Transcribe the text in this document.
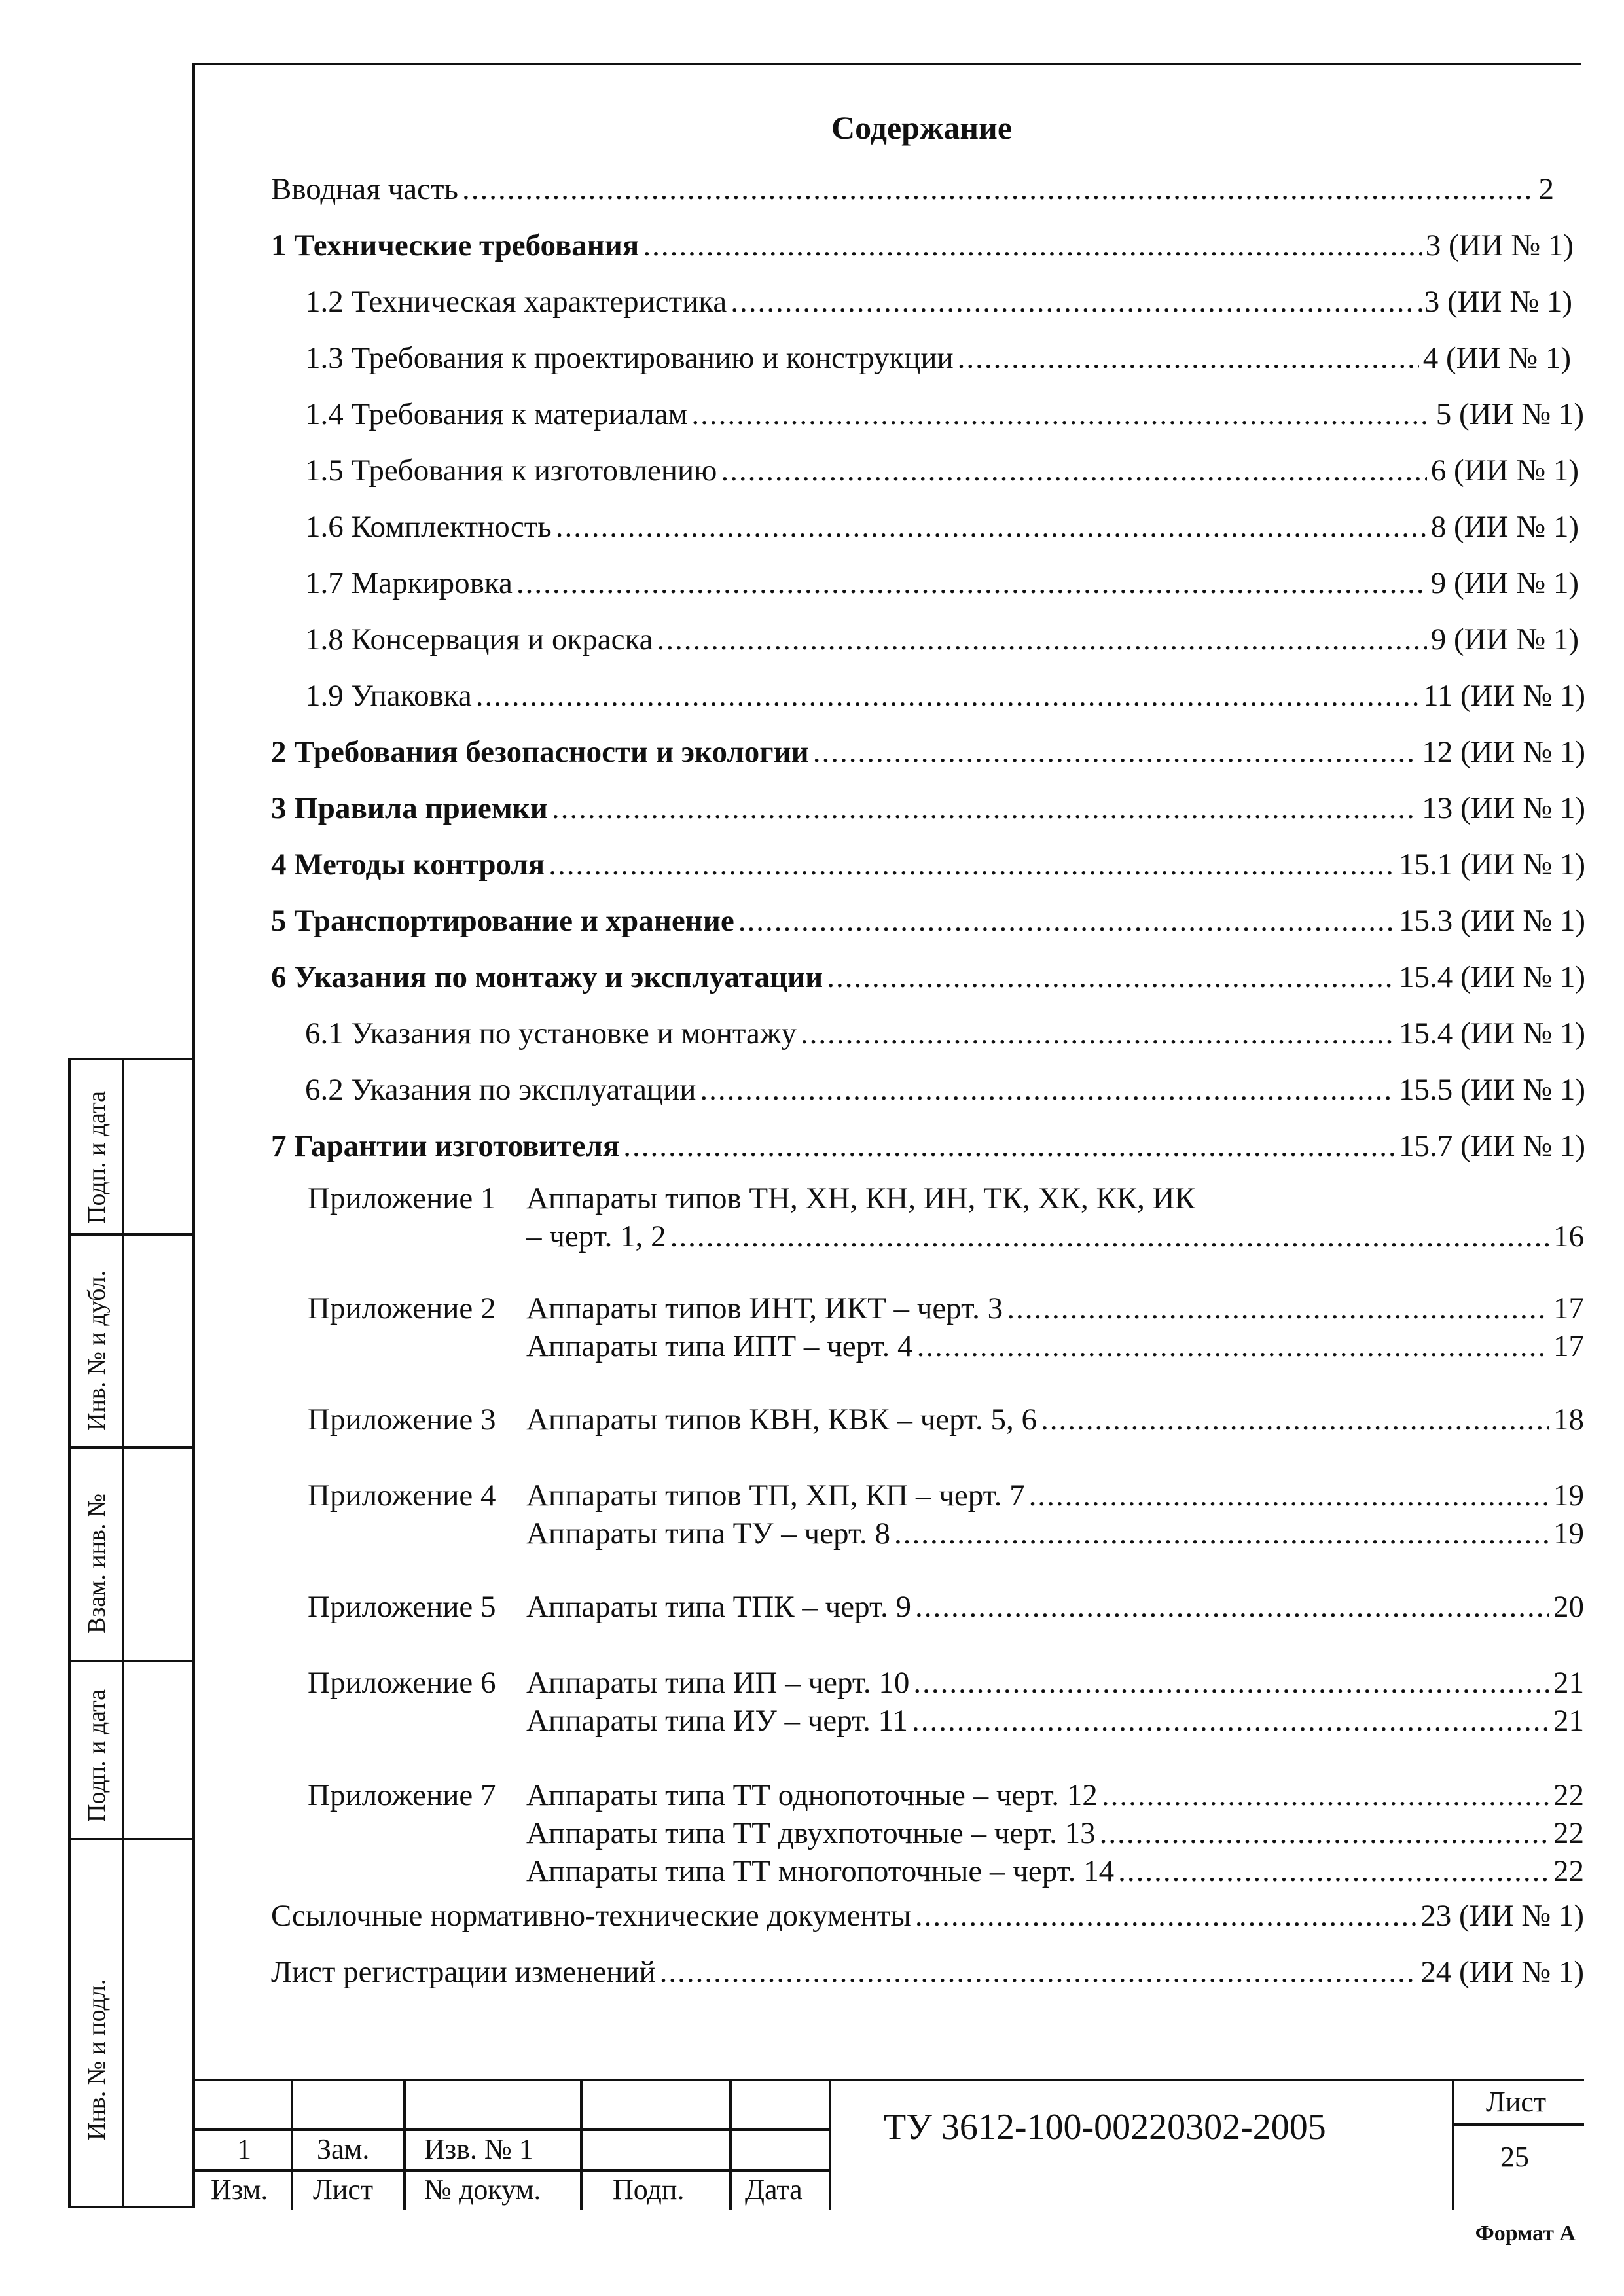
Содержание
Вводная часть .....	2
1 Технические требования .....	3 (ИИ № 1)
1.2 Техническая характеристика .....	.3 (ИИ № 1)
1.3 Требования к проектированию и конструкции .....	4 (ИИ № 1)
1.4 Требования к материалам .....	5 (ИИ № 1)
1.5 Требования к изготовлению .....	6 (ИИ № 1)
1.6 Комплектность .....	8 (ИИ № 1)
1.7 Маркировка .....	9 (ИИ № 1)
1.8 Консервация и окраска .....	9 (ИИ № 1)
1.9 Упаковка .....	11 (ИИ № 1)
2 Требования безопасности и экологии .....	12 (ИИ № 1)
3 Правила приемки .....	13 (ИИ № 1)
4 Методы контроля .....	15.1 (ИИ № 1)
5 Транспортирование и хранение .....	15.3 (ИИ № 1)
6 Указания по монтажу и эксплуатации .....	15.4 (ИИ № 1)
6.1 Указания по установке и монтажу .....	15.4 (ИИ № 1)
6.2 Указания по эксплуатации .....	15.5 (ИИ № 1)
7 Гарантии изготовителя .....	15.7 (ИИ № 1)
Приложение 1 Аппараты типов ТН, ХН, КН, ИН, ТК, ХК, КК, ИК
– черт. 1, 2 .....	16
Приложение 2 Аппараты типов ИНТ, ИКТ – черт. 3 .....	17
Аппараты типа ИПТ – черт. 4 .....	17
Приложение 3 Аппараты типов КВН, КВК – черт. 5, 6 .....	18
Приложение 4 Аппараты типов ТП, ХП, КП – черт. 7 .....	19
Аппараты типа ТУ – черт. 8 .....	19
Приложение 5 Аппараты типа ТПК – черт. 9 .....	20
Приложение 6 Аппараты типа ИП – черт. 10 .....	21
Аппараты типа ИУ – черт. 11 .....	21
Приложение 7 Аппараты типа ТТ однопоточные – черт. 12 .....	22
Аппараты типа ТТ двухпоточные – черт. 13 .....	22
Аппараты типа ТТ многопоточные – черт. 14 .....	22
Ссылочные нормативно-технические документы .....	23 (ИИ № 1)
Лист регистрации изменений .....	24 (ИИ № 1)
Подп. и дата
Инв. № и дубл.
Взам. инв. №
Подп. и дата
Инв. № и подл.
1 Зам. Изв. № 1
Изм. Лист № докум. Подп. Дата
ТУ 3612-100-00220302-2005
Лист
25
Формат А
